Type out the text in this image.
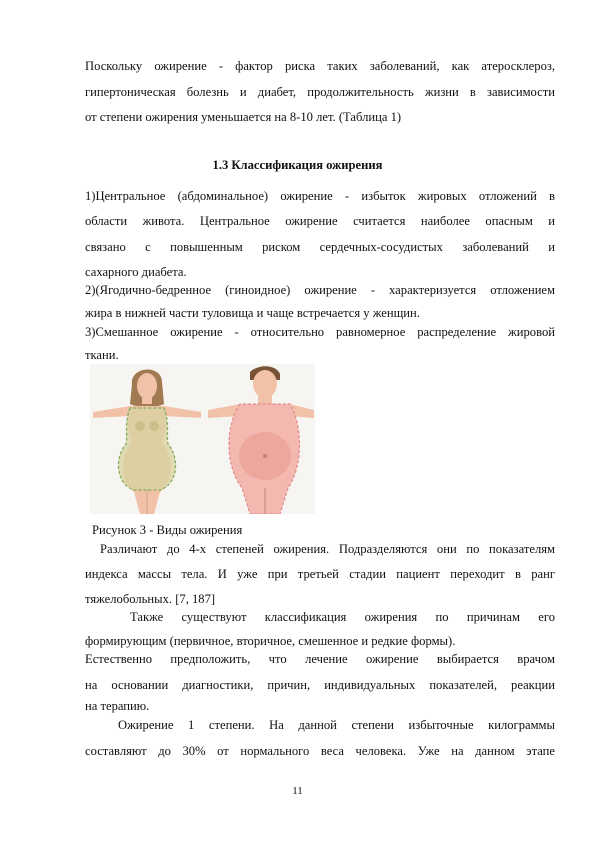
Поскольку ожирение - фактор риска таких заболеваний, как атеросклероз,
гипертоническая болезнь и диабет, продолжительность жизни в зависимости
от степени ожирения уменьшается на 8-10 лет. (Таблица 1)
1.3 Классификация ожирения
1)Центральное (абдоминальное) ожирение - избыток жировых отложений в
области живота. Центральное ожирение считается наиболее опасным и
связано с повышенным риском сердечных-сосудистых заболеваний и
сахарного диабета.
2)(Ягодично-бедренное (гиноидное) ожирение - характеризуется отложением
жира в нижней части туловища и чаще встречается у женщин.
3)Смешанное ожирение - относительно равномерное распределение жировой
ткани.
Рисунок 3 - Виды ожирения
Различают до 4-х степеней ожирения. Подразделяются они по показателям
индекса массы тела. И уже при третьей стадии пациент переходит в ранг
тяжелобольных. [7, 187]
Также существуют классификация ожирения по причинам его
формирующим (первичное, вторичное, смешенное и редкие формы).
Естественно предположить, что лечение ожирение выбирается врачом
на основании диагностики, причин, индивидуальных показателей, реакции
на терапию.
Ожирение 1 степени. На данной степени избыточные килограммы
составляют до 30% от нормального веса человека. Уже на данном этапе
11
